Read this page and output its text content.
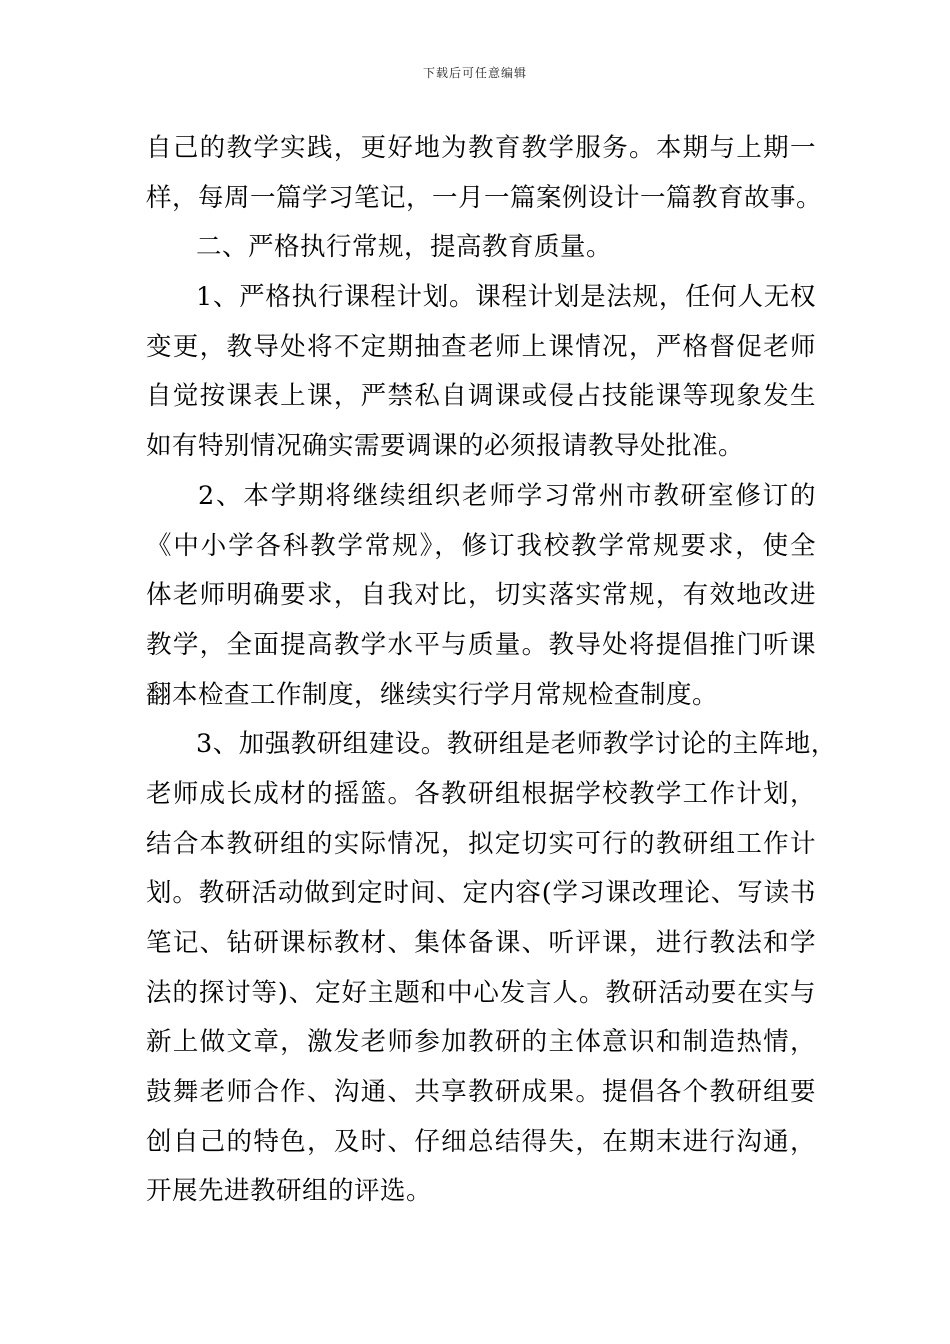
下载后可任意编辑
自己的教学实践，更好地为教育教学服务。本期与上期一
样，每周一篇学习笔记，一月一篇案例设计一篇教育故事。
二、严格执行常规，提高教育质量。
1、严格执行课程计划。课程计划是法规，任何人无权
变更，教导处将不定期抽查老师上课情况，严格督促老师
自觉按课表上课，严禁私自调课或侵占技能课等现象发生
如有特别情况确实需要调课的必须报请教导处批准。
2、本学期将继续组织老师学习常州市教研室修订的
《中小学各科教学常规》，修订我校教学常规要求，使全
体老师明确要求，自我对比，切实落实常规，有效地改进
教学，全面提高教学水平与质量。教导处将提倡推门听课
翻本检查工作制度，继续实行学月常规检查制度。
3、加强教研组建设。教研组是老师教学讨论的主阵地，
老师成长成材的摇篮。各教研组根据学校教学工作计划，
结合本教研组的实际情况，拟定切实可行的教研组工作计
划。教研活动做到定时间、定内容(学习课改理论、写读书
笔记、钻研课标教材、集体备课、听评课，进行教法和学
法的探讨等)、定好主题和中心发言人。教研活动要在实与
新上做文章，激发老师参加教研的主体意识和制造热情，
鼓舞老师合作、沟通、共享教研成果。提倡各个教研组要
创自己的特色，及时、仔细总结得失，在期末进行沟通，
开展先进教研组的评选。
